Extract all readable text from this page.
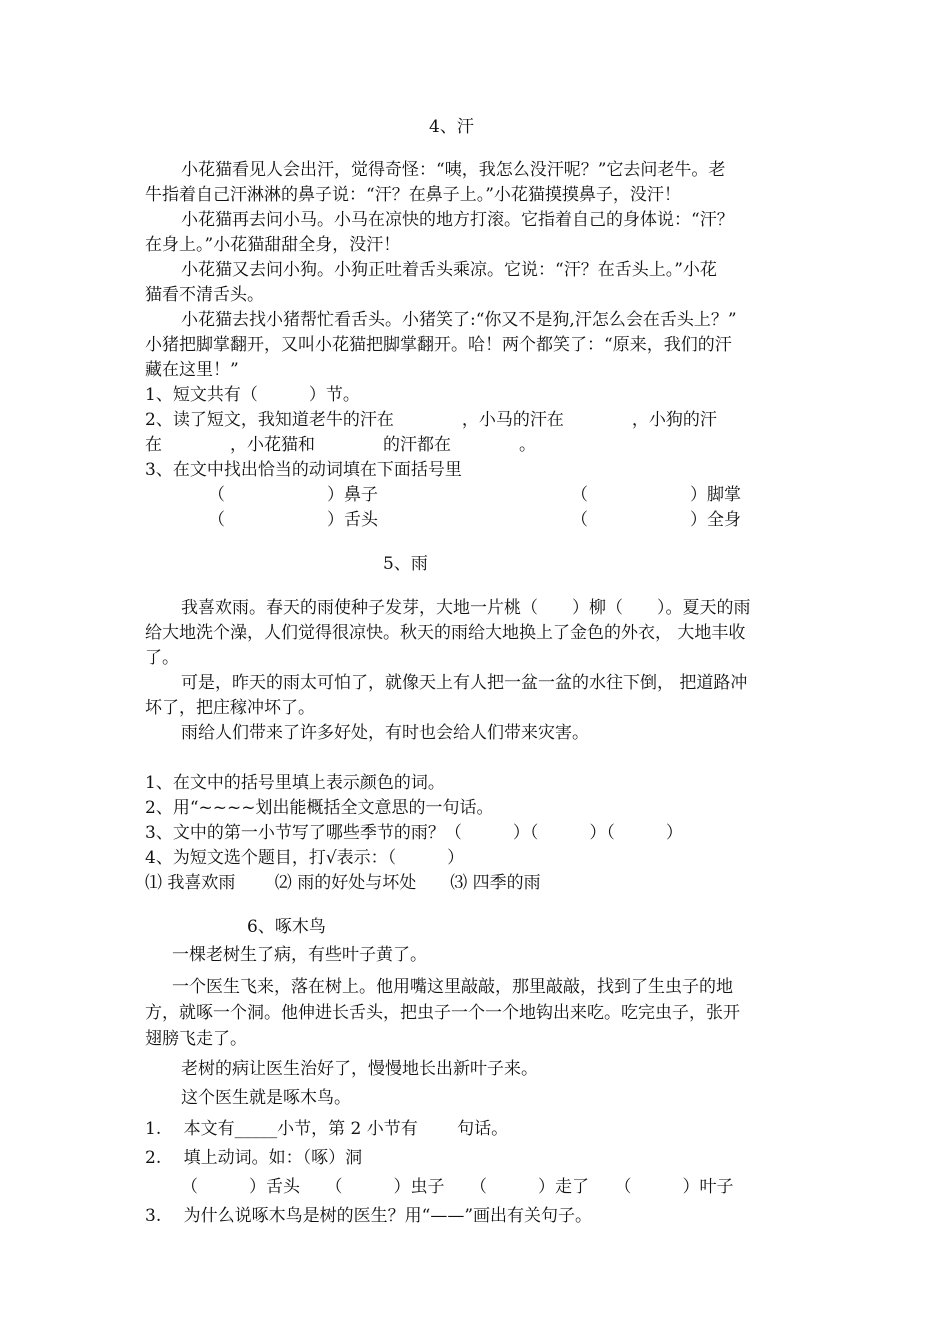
4、汗
小花猫看见人会出汗，觉得奇怪：“咦，我怎么没汗呢？”它去问老牛。老
牛指着自己汗淋淋的鼻子说：“汗？在鼻子上。”小花猫摸摸鼻子，没汗！
小花猫再去问小马。小马在凉快的地方打滚。它指着自己的身体说：“汗？
在身上。”小花猫甜甜全身，没汗！
小花猫又去问小狗。小狗正吐着舌头乘凉。它说：“汗？在舌头上。”小花
猫看不清舌头。
小花猫去找小猪帮忙看舌头。小猪笑了:“你又不是狗,汗怎么会在舌头上？”
小猪把脚掌翻开，又叫小花猫把脚掌翻开。哈！两个都笑了：“原来，我们的汗
藏在这里！”
1、短文共有（　　　）节。
2、读了短文，我知道老牛的汗在　　　　，小马的汗在　　　　，小狗的汗
在　　　　，小花猫和　　　　的汗都在　　　　。
3、在文中找出恰当的动词填在下面括号里
（　　　　　　）鼻子	（　　　　　　）脚掌
（　　　　　　）舌头	（　　　　　　）全身
5、雨
我喜欢雨。春天的雨使种子发芽，大地一片桃（　　）柳（　　）。夏天的雨
给大地洗个澡，人们觉得很凉快。秋天的雨给大地换上了金色的外衣， 大地丰收
了。
可是，昨天的雨太可怕了，就像天上有人把一盆一盆的水往下倒， 把道路冲
坏了，把庄稼冲坏了。
雨给人们带来了许多好处，有时也会给人们带来灾害。
1、在文中的括号里填上表示颜色的词。
2、用“~~~~划出能概括全文意思的一句话。
3、文中的第一小节写了哪些季节的雨？（　　　）（　　　）（　　　）
4、为短文选个题目，打√表示：（　　　）
⑴ 我喜欢雨　　 ⑵ 雨的好处与坏处　　⑶ 四季的雨
6、啄木鸟
一棵老树生了病，有些叶子黄了。
一个医生飞来，落在树上。他用嘴这里敲敲，那里敲敲，找到了生虫子的地
方，就啄一个洞。他伸进长舌头，把虫子一个一个地钩出来吃。吃完虫子，张开
翅膀飞走了。
老树的病让医生治好了，慢慢地长出新叶子来。
这个医生就是啄木鸟。
1.　 本文有_____小节，第 2 小节有　　 句话。
2.　 填上动词。如：（啄）洞
（　　　）舌头　　（　　　）虫子　　（　　　）走了　　（　　　）叶子
3.　 为什么说啄木鸟是树的医生？用“——”画出有关句子。
